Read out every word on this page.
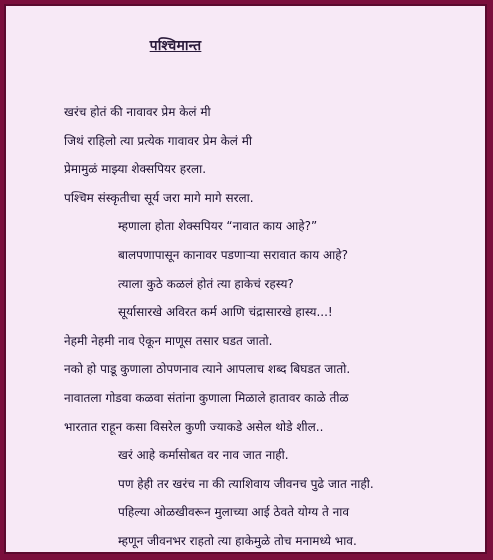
पश्चिमान्त
खरंच होतं की नावावर प्रेम केलं मी
जिथं राहिलो त्या प्रत्येक गावावर प्रेम केलं मी
प्रेमामुळं माझ्या शेक्सपियर हरला.
पश्चिम संस्कृतीचा सूर्य जरा मागे मागे सरला.
म्हणाला होता शेक्सपियर “नावात काय आहे?”
बालपणापासून कानावर पडणाऱ्या सरावात काय आहे?
त्याला कुठे कळलं होतं त्या हाकेचं रहस्य?
सूर्यासारखे अविरत कर्म आणि चंद्रासारखे हास्य...!
नेहमी नेहमी नाव ऐकून माणूस तसार घडत जातो.
नको हो पाडू कुणाला ठोपणनाव त्याने आपलाच शब्द बिघडत जातो.
नावातला गोडवा कळवा संतांना कुणाला मिळाले हातावर काळे तीळ
भारतात राहून कसा विसरेल कुणी ज्याकडे असेल थोडे शील..
खरं आहे कर्मासोबत वर नाव जात नाही.
पण हेही तर खरंच ना की त्याशिवाय जीवनच पुढे जात नाही.
पहिल्या ओळखीवरून मुलाच्या आई ठेवते योग्य ते नाव
म्हणून जीवनभर राहतो त्या हाकेमुळे तोच मनामध्ये भाव.
